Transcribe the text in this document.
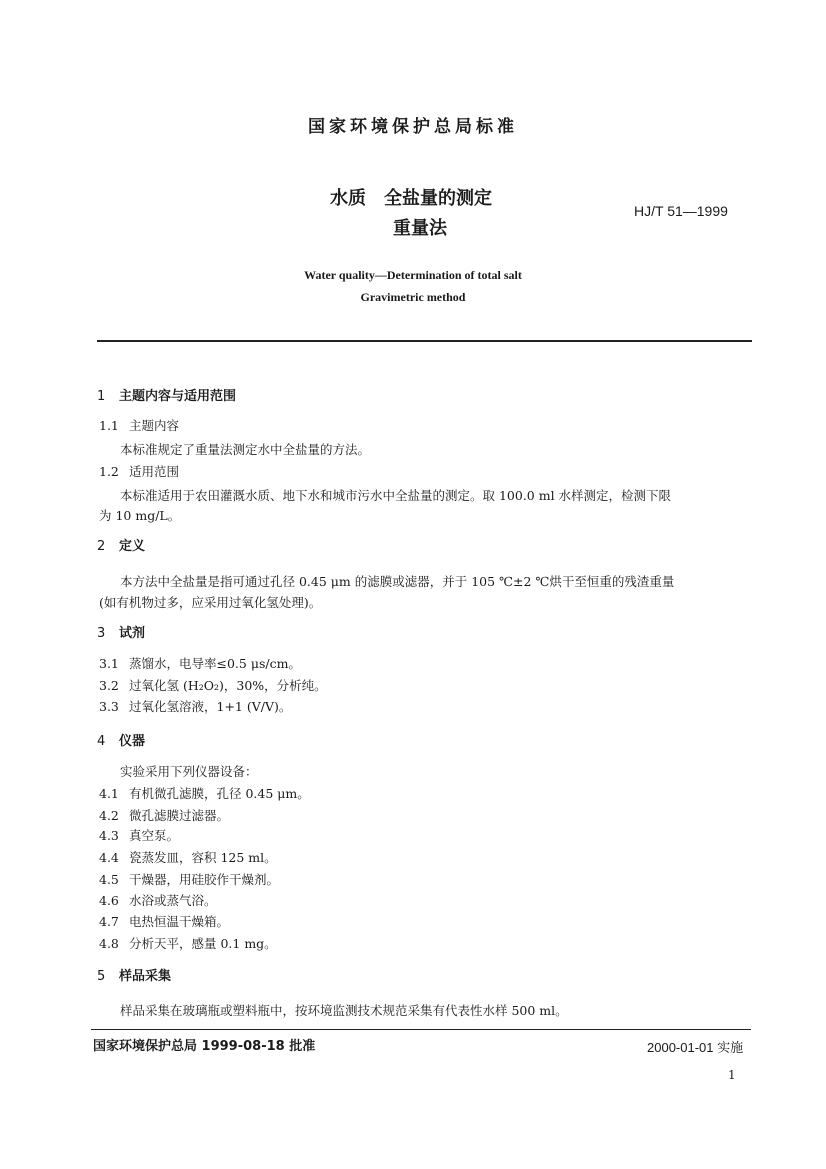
国家环境保护总局标准
水质　全盐量的测定
重量法
HJ/T 51—1999
Water quality—Determination of total salt
Gravimetric method
1 主题内容与适用范围
1.1 主题内容
本标准规定了重量法测定水中全盐量的方法。
1.2 适用范围
本标准适用于农田灌溉水质、地下水和城市污水中全盐量的测定。取 100.0 ml 水样测定，检测下限
为 10 mg/L。
2 定义
本方法中全盐量是指可通过孔径 0.45 μm 的滤膜或滤器，并于 105 ℃±2 ℃烘干至恒重的残渣重量
(如有机物过多，应采用过氧化氢处理)。
3 试剂
3.1 蒸馏水，电导率≤0.5 μs/cm。
3.2 过氧化氢 (H₂O₂)，30%，分析纯。
3.3 过氧化氢溶液，1+1 (V/V)。
4 仪器
实验采用下列仪器设备：
4.1 有机微孔滤膜，孔径 0.45 μm。
4.2 微孔滤膜过滤器。
4.3 真空泵。
4.4 瓷蒸发皿，容积 125 ml。
4.5 干燥器，用硅胶作干燥剂。
4.6 水浴或蒸气浴。
4.7 电热恒温干燥箱。
4.8 分析天平，感量 0.1 mg。
5 样品采集
样品采集在玻璃瓶或塑料瓶中，按环境监测技术规范采集有代表性水样 500 ml。
国家环境保护总局 1999-08-18 批准	2000-01-01 实施
1
